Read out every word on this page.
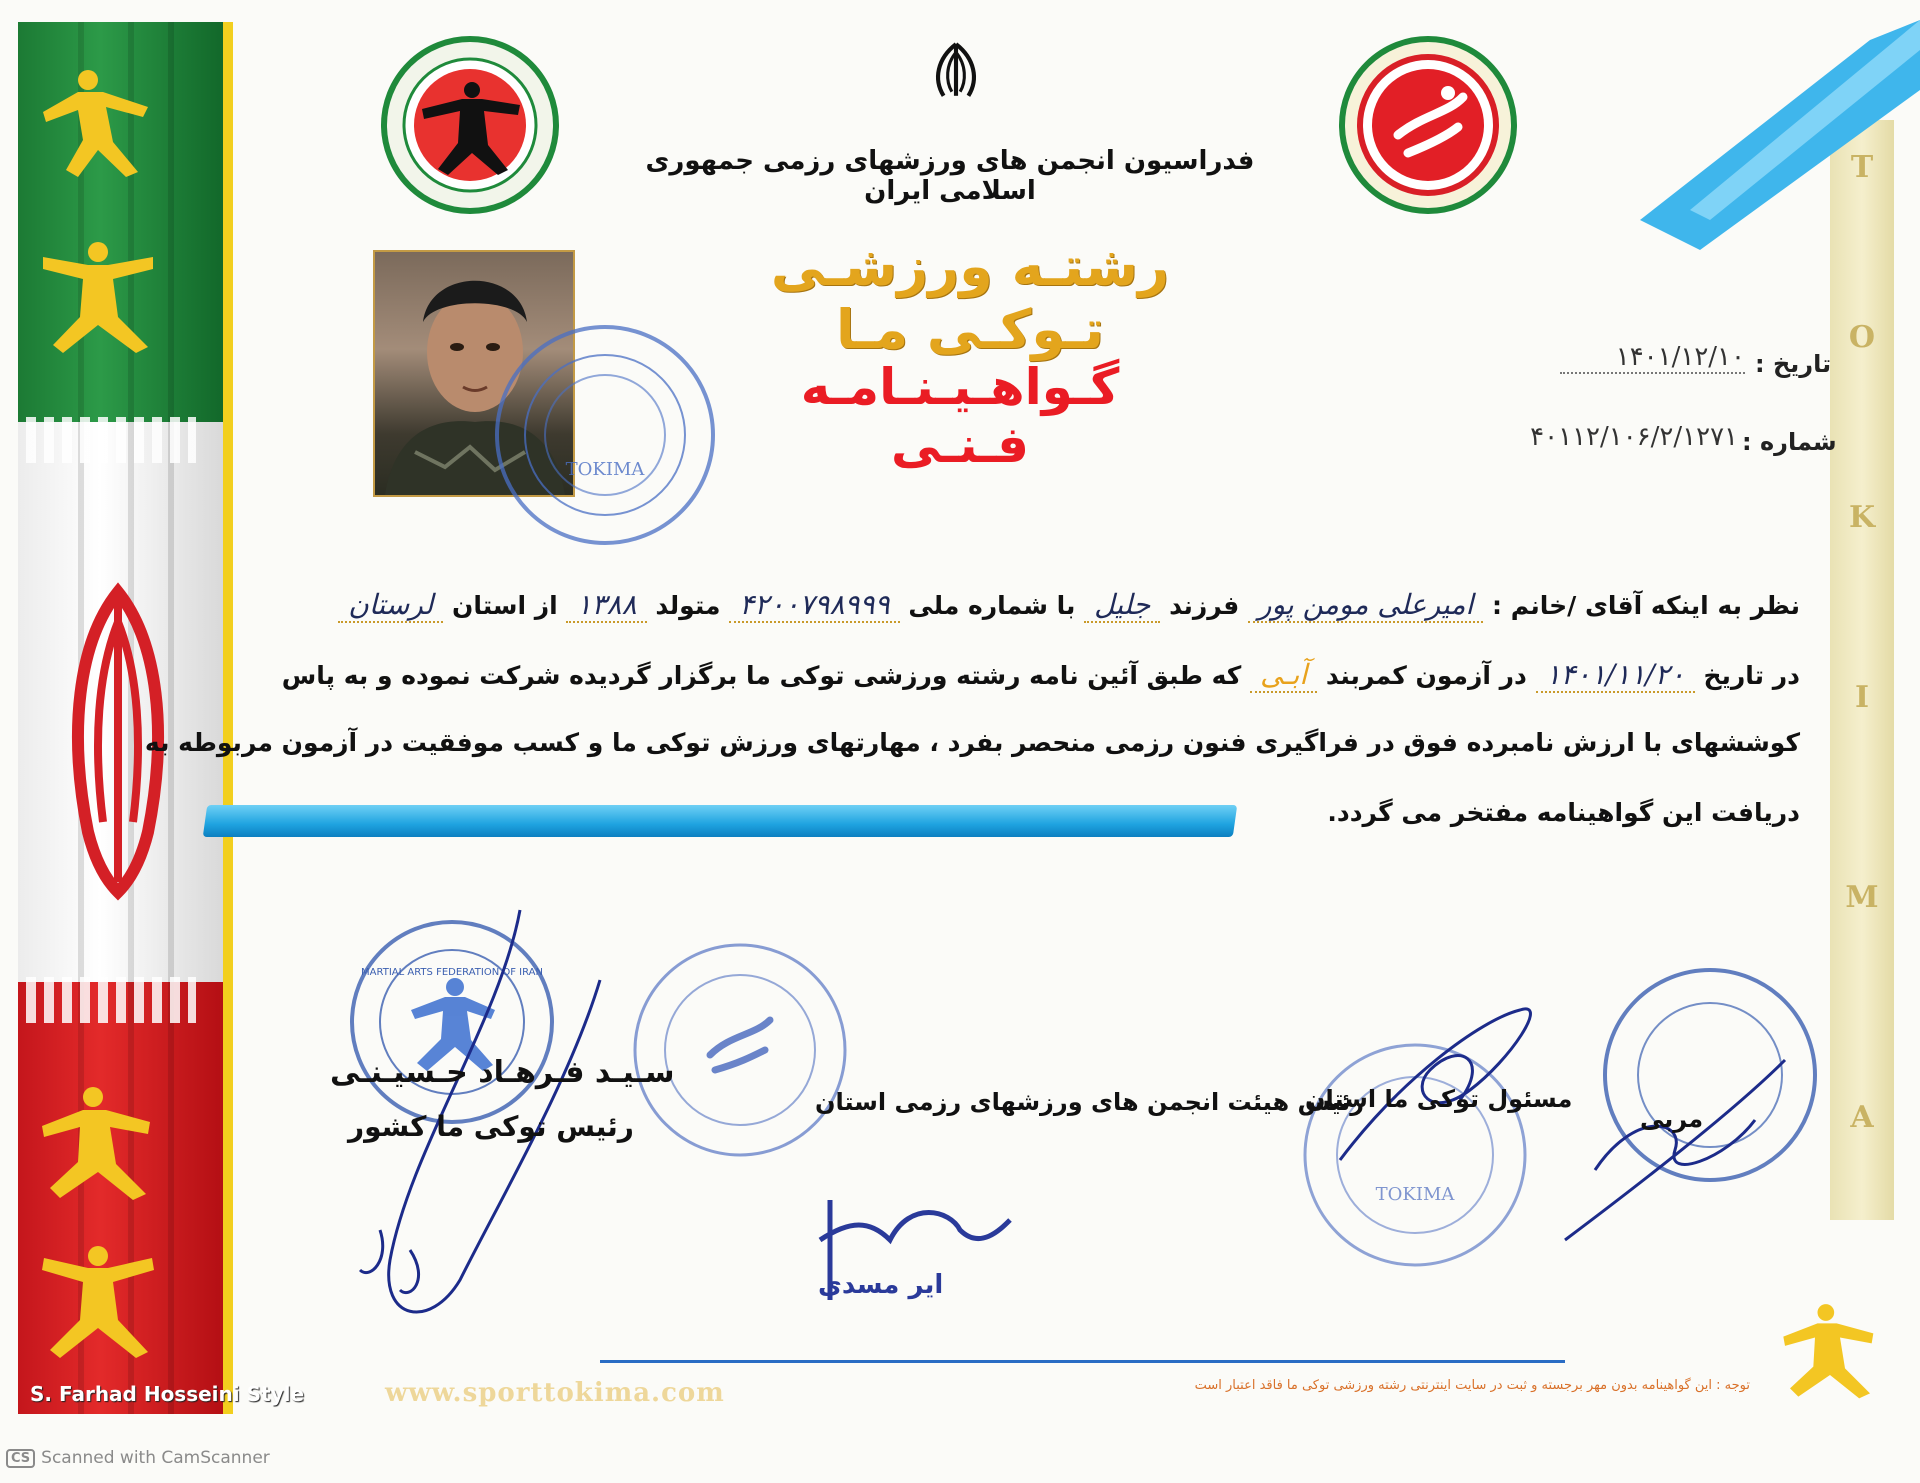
S. Farhad Hosseini Style
T
O
K
I
M
A
فدراسیون انجمن های ورزشهای رزمی جمهوری اسلامی ایران
رشتـه ورزشـی تـوکـی مـا
گـواهـیـنـامـه فـنـی
TOKIMA
تاریخ :
۱۴۰۱/۱۲/۱۰
شماره :
۴۰۱۱۲/۱۰۶/۲/۱۲۷۱
نظر به اینکه آقای /خانم : امیرعلی مومن پور فرزند جلیل با شماره ملی ۴۲۰۰۷۹۸۹۹۹ متولد ۱۳۸۸ از استان لرستان
در تاریخ ۱۴۰۱/۱۱/۲۰ در آزمون کمربند آبـی که طبق آئین نامه رشته ورزشی توکی ما برگزار گردیده شرکت نموده و به پاس
کوششهای با ارزش نامبرده فوق در فراگیری فنون رزمی منحصر بفرد ، مهارتهای ورزش توکی ما و کسب موفقیت در آزمون مربوطه به
دریافت این گواهینامه مفتخر می گردد.
MARTIAL ARTS FEDERATION OF IRAN
ایر مسدی
TOKIMA
سـیـد فـرهـاد حـسیـنـی
رئیس توکی ما کشور
رئیس هیئت انجمن های ورزشهای رزمی استان
مسئول توکی ما استان
مربی
www.sporttokima.com	توجه : این گواهینامه بدون مهر برجسته و ثبت در سایت اینترنتی رشته ورزشی توکی ما فاقد اعتبار است
CS Scanned with CamScanner
